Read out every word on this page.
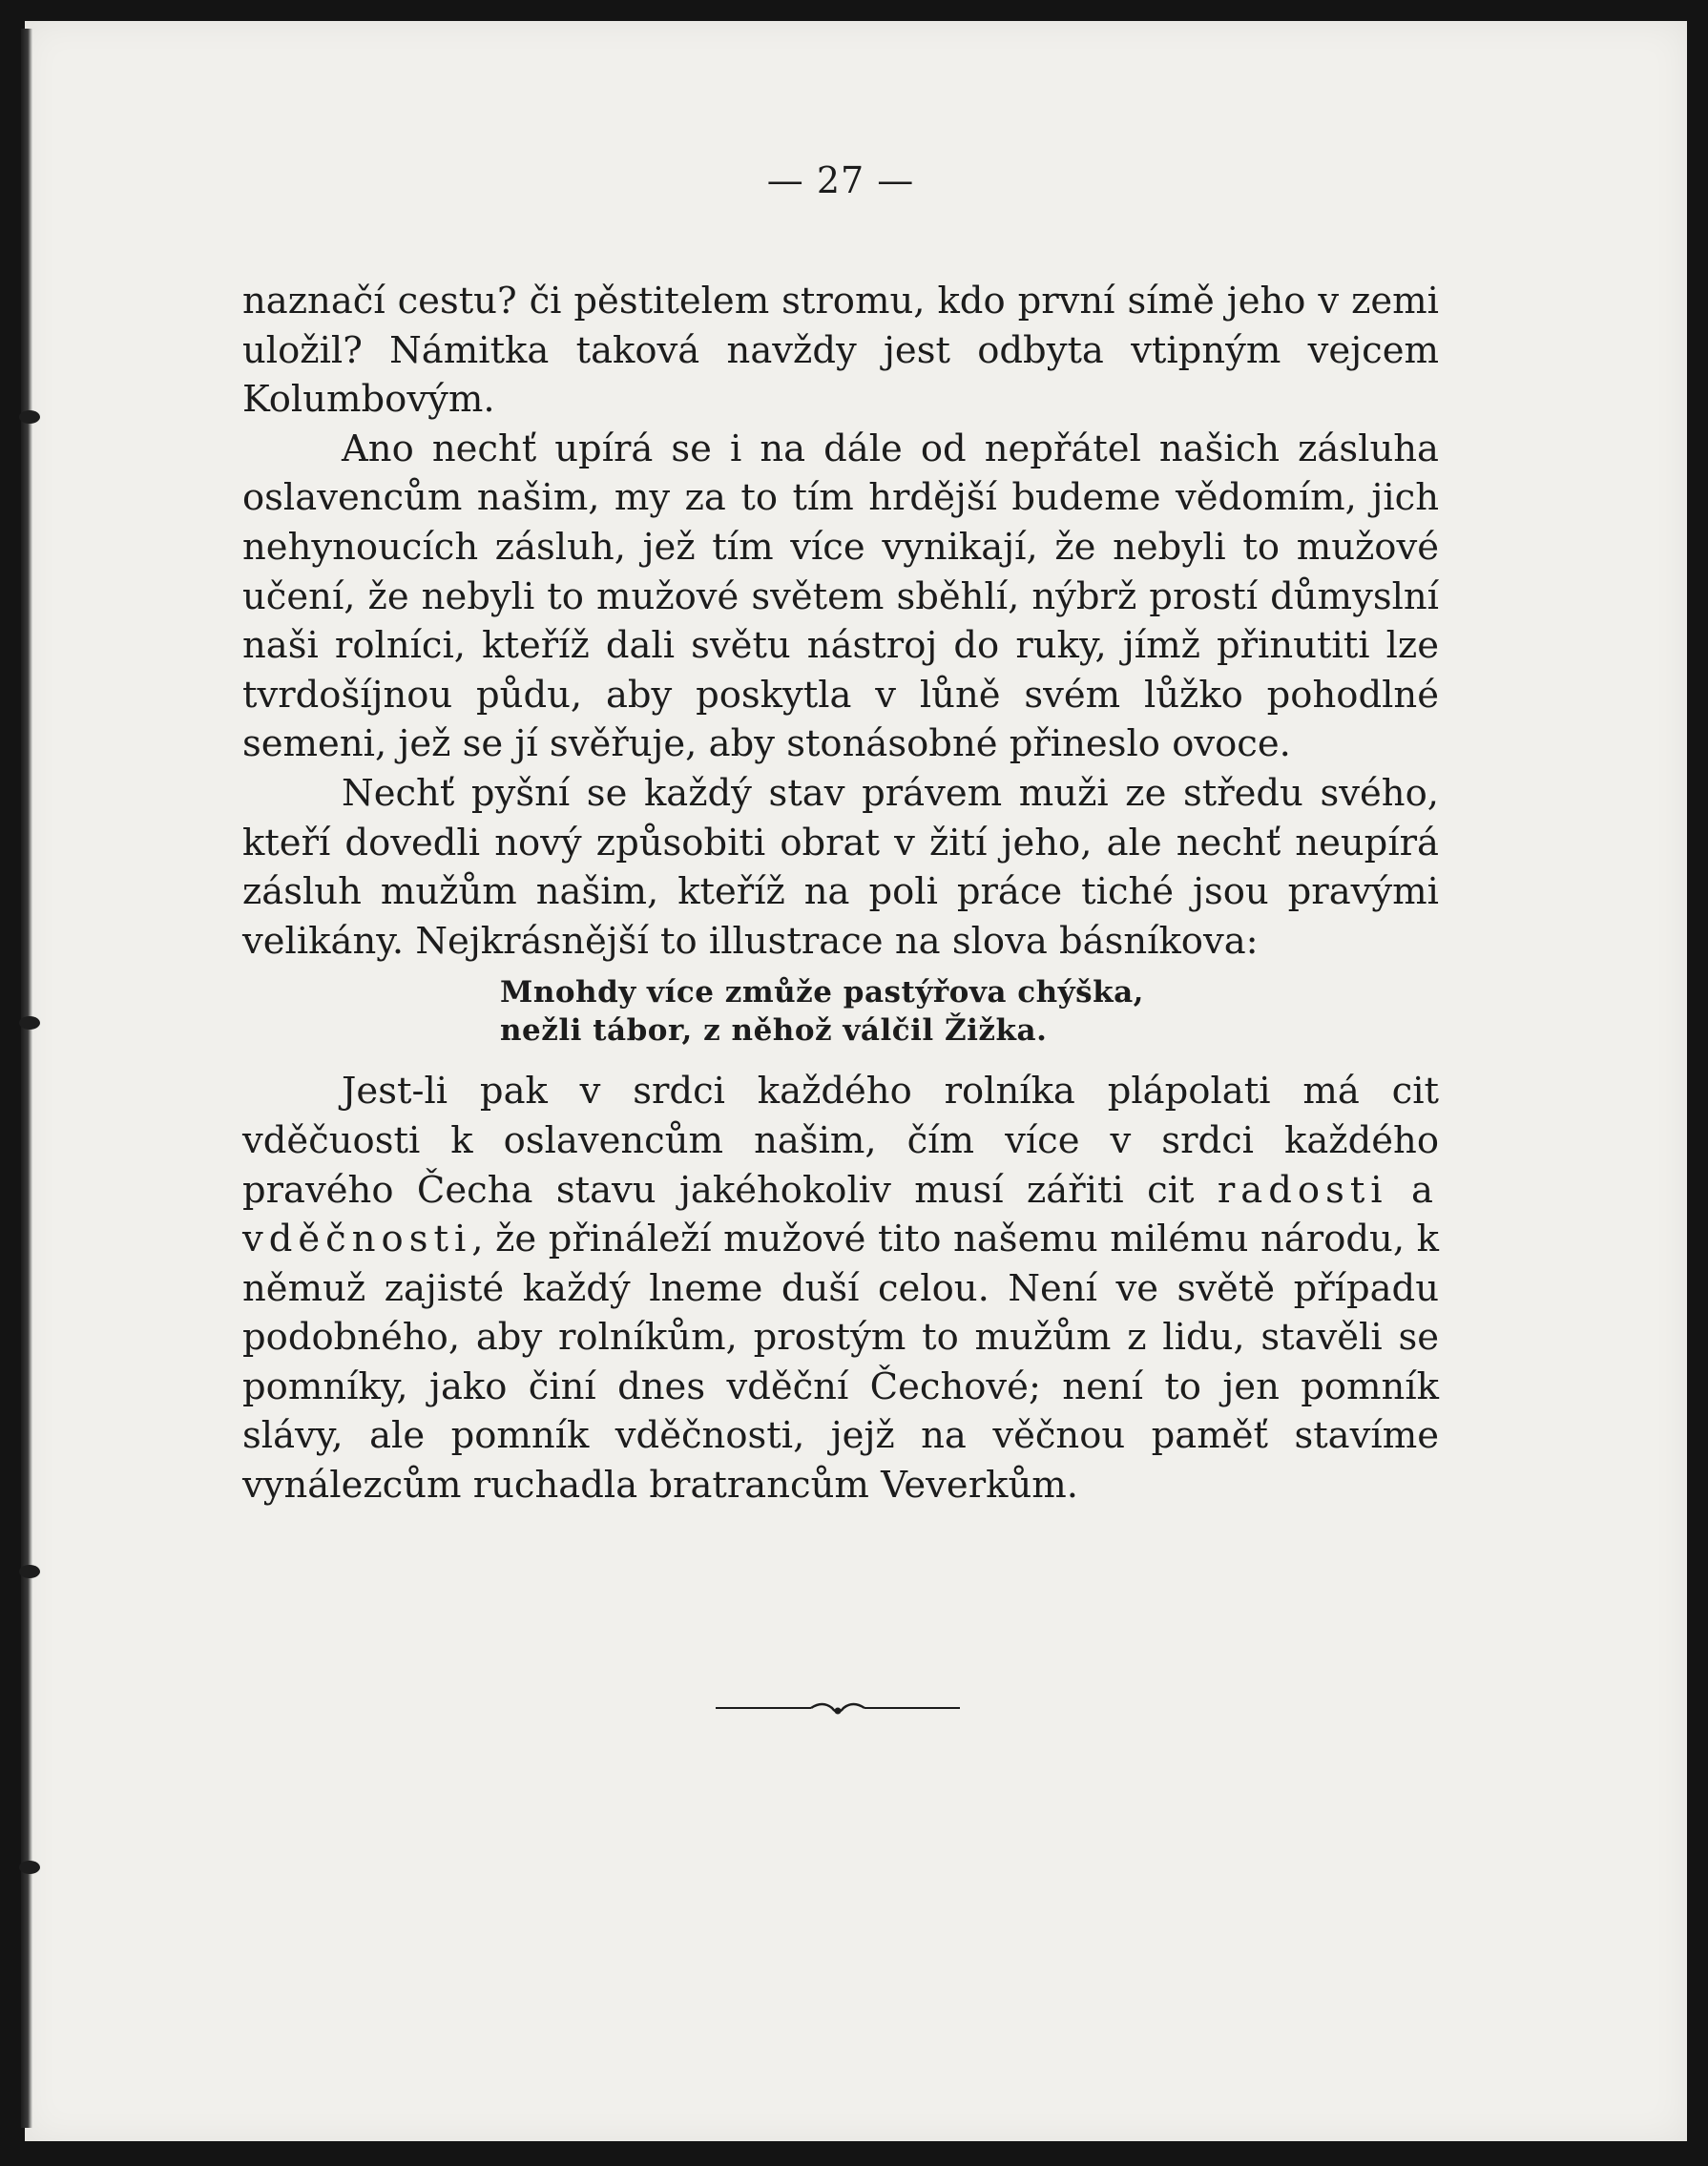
— 27 —

naznačí cestu? či pěstitelem stromu, kdo první símě jeho v zemi uložil? Námitka taková navždy jest odbyta vtipným vejcem Kolumbovým.

Ano nechť upírá se i na dále od nepřátel našich zásluha oslavencům našim, my za to tím hrdější budeme vědomím, jich nehynoucích zásluh, jež tím více vynikají, že nebyli to mužové učení, že nebyli to mužové světem sběhlí, nýbrž prostí důmyslní naši rolníci, kteříž dali světu nástroj do ruky, jímž přinutiti lze tvrdošíjnou půdu, aby poskytla v lůně svém lůžko pohodlné semeni, jež se jí svěřuje, aby stonásobné přineslo ovoce.

Nechť pyšní se každý stav právem muži ze středu svého, kteří dovedli nový způsobiti obrat v žití jeho, ale nechť neupírá zásluh mužům našim, kteříž na poli práce tiché jsou pravými velikány. Nejkrásnější to illustrace na slova básníkova:

Mnohdy více zmůže pastýřova chýška,
nežli tábor, z něhož válčil Žižka.

Jest-li pak v srdci každého rolníka plápolati má cit vděčuosti k oslavencům našim, čím více v srdci každého pravého Čecha stavu jakéhokoliv musí zářiti cit radosti a vděčnosti, že přináleží mužové tito našemu milému národu, k němuž zajisté každý lneme duší celou. Není ve světě případu podobného, aby rolníkům, prostým to mužům z lidu, stavěli se pomníky, jako činí dnes vděční Čechové; není to jen pomník slávy, ale pomník vděčnosti, jejž na věčnou paměť stavíme vynálezcům ruchadla bratrancům Veverkům.
